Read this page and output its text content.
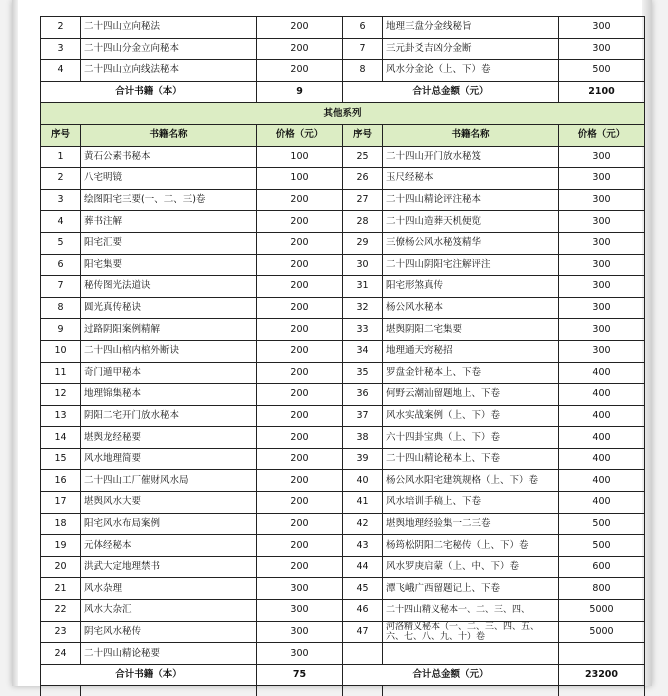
2	二十四山立向秘法	200	6	地理三盘分金线秘旨	300
3	二十四山分金立向秘本	200	7	三元卦爻吉凶分金断	300
4	二十四山立向线法秘本	200	8	风水分金论（上、下）卷	500
合计书籍（本）		9	合计总金额（元）		2100
其他系列					
序号	书籍名称	价格（元）	序号	书籍名称	价格（元）
1	黄石公素书秘本	100	25	二十四山开门放水秘笈	300
2	八宅明镜	100	26	玉尺经秘本	300
3	绘图阳宅三要(一、二、三)卷	200	27	二十四山精论评注秘本	300
4	葬书注解	200	28	二十四山造葬天机便览	300
5	阳宅汇要	200	29	三僚杨公风水秘笈精华	300
6	阳宅集要	200	30	二十四山阴阳宅注解评注	300
7	秘传图光法道诀	200	31	阳宅形煞真传	300
8	圆光真传秘诀	200	32	杨公风水秘本	300
9	过路阴阳案例精解	200	33	堪舆阴阳二宅集要	300
10	二十四山棺内棺外断诀	200	34	地理通天窍秘招	300
11	奇门遁甲秘本	200	35	罗盘金针秘本上、下卷	400
12	地理锦集秘本	200	36	何野云潮汕留题地上、下卷	400
13	阴阳二宅开门放水秘本	200	37	风水实战案例（上、下）卷	400
14	堪舆龙经秘要	200	38	六十四卦宝典（上、下）卷	400
15	风水地理简要	200	39	二十四山精论秘本上、下卷	400
16	二十四山工厂催财风水局	200	40	杨公风水阳宅建筑规格（上、下）卷	400
17	堪舆风水大要	200	41	风水培训手稿上、下卷	400
18	阳宅风水布局案例	200	42	堪舆地理经验集一二三卷	500
19	元体经秘本	200	43	杨筠松阴阳二宅秘传（上、下）卷	500
20	洪武大定地理禁书	200	44	风水罗庚启蒙（上、中、下）卷	600
21	风水杂理	300	45	潭飞峨广西留题记上、下卷	800
22	风水大杂汇	300	46	二十四山精义秘本一、二、三、四、	5000
23	阴宅风水秘传	300	47	河洛精义秘本（一、二、三、四、五、六、七、八、九、十）卷	5000
24	二十四山精论秘要	300			
合计书籍（本）		75	合计总金额（元）		23200
